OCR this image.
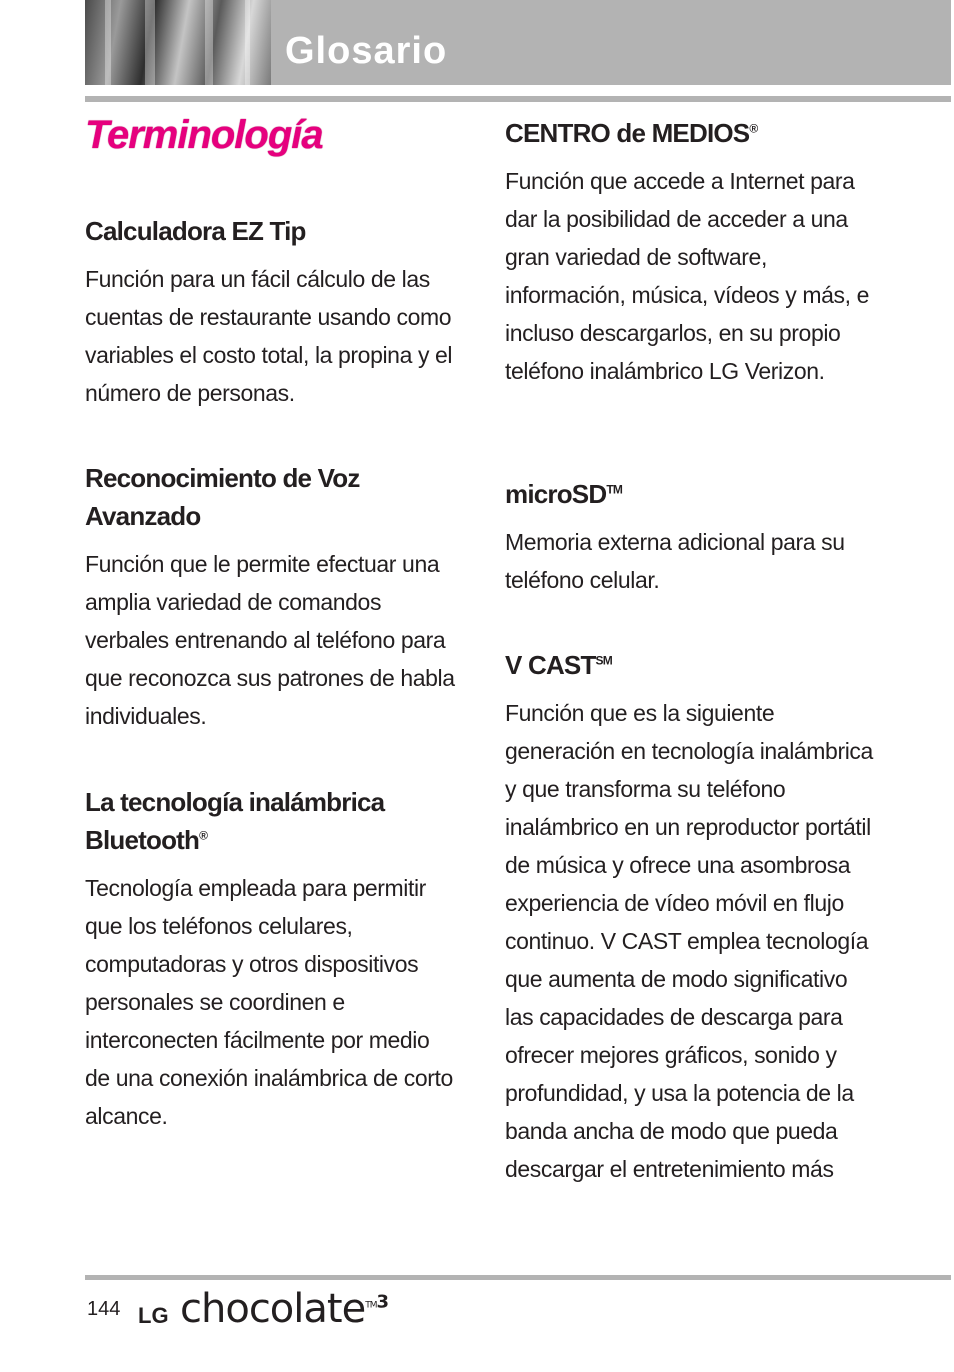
Glosario
Terminología
Calculadora EZ Tip

Función para un fácil cálculo de las cuentas de restaurante usando como variables el costo total, la propina y el número de personas.

Reconocimiento de Voz Avanzado

Función que le permite efectuar una amplia variedad de comandos verbales entrenando al teléfono para que reconozca sus patrones de habla individuales.

La tecnología inalámbrica Bluetooth®

Tecnología empleada para permitir que los teléfonos celulares, computadoras y otros dispositivos personales se coordinen e interconecten fácilmente por medio de una conexión inalámbrica de corto alcance.

CENTRO de MEDIOS®

Función que accede a Internet para dar la posibilidad de acceder a una gran variedad de software, información, música, vídeos y más, e incluso descargarlos, en su propio teléfono inalámbrico LG Verizon.

microSD™

Memoria externa adicional para su teléfono celular.

V CAST℠

Función que es la siguiente generación en tecnología inalámbrica y que transforma su teléfono inalámbrico en un reproductor portátil de música y ofrece una asombrosa experiencia de vídeo móvil en flujo continuo. V CAST emplea tecnología que aumenta de modo significativo las capacidades de descarga para ofrecer mejores gráficos, sonido y profundidad, y usa la potencia de la banda ancha de modo que pueda descargar el entretenimiento más

144 LG chocolate$^{TM3}$
